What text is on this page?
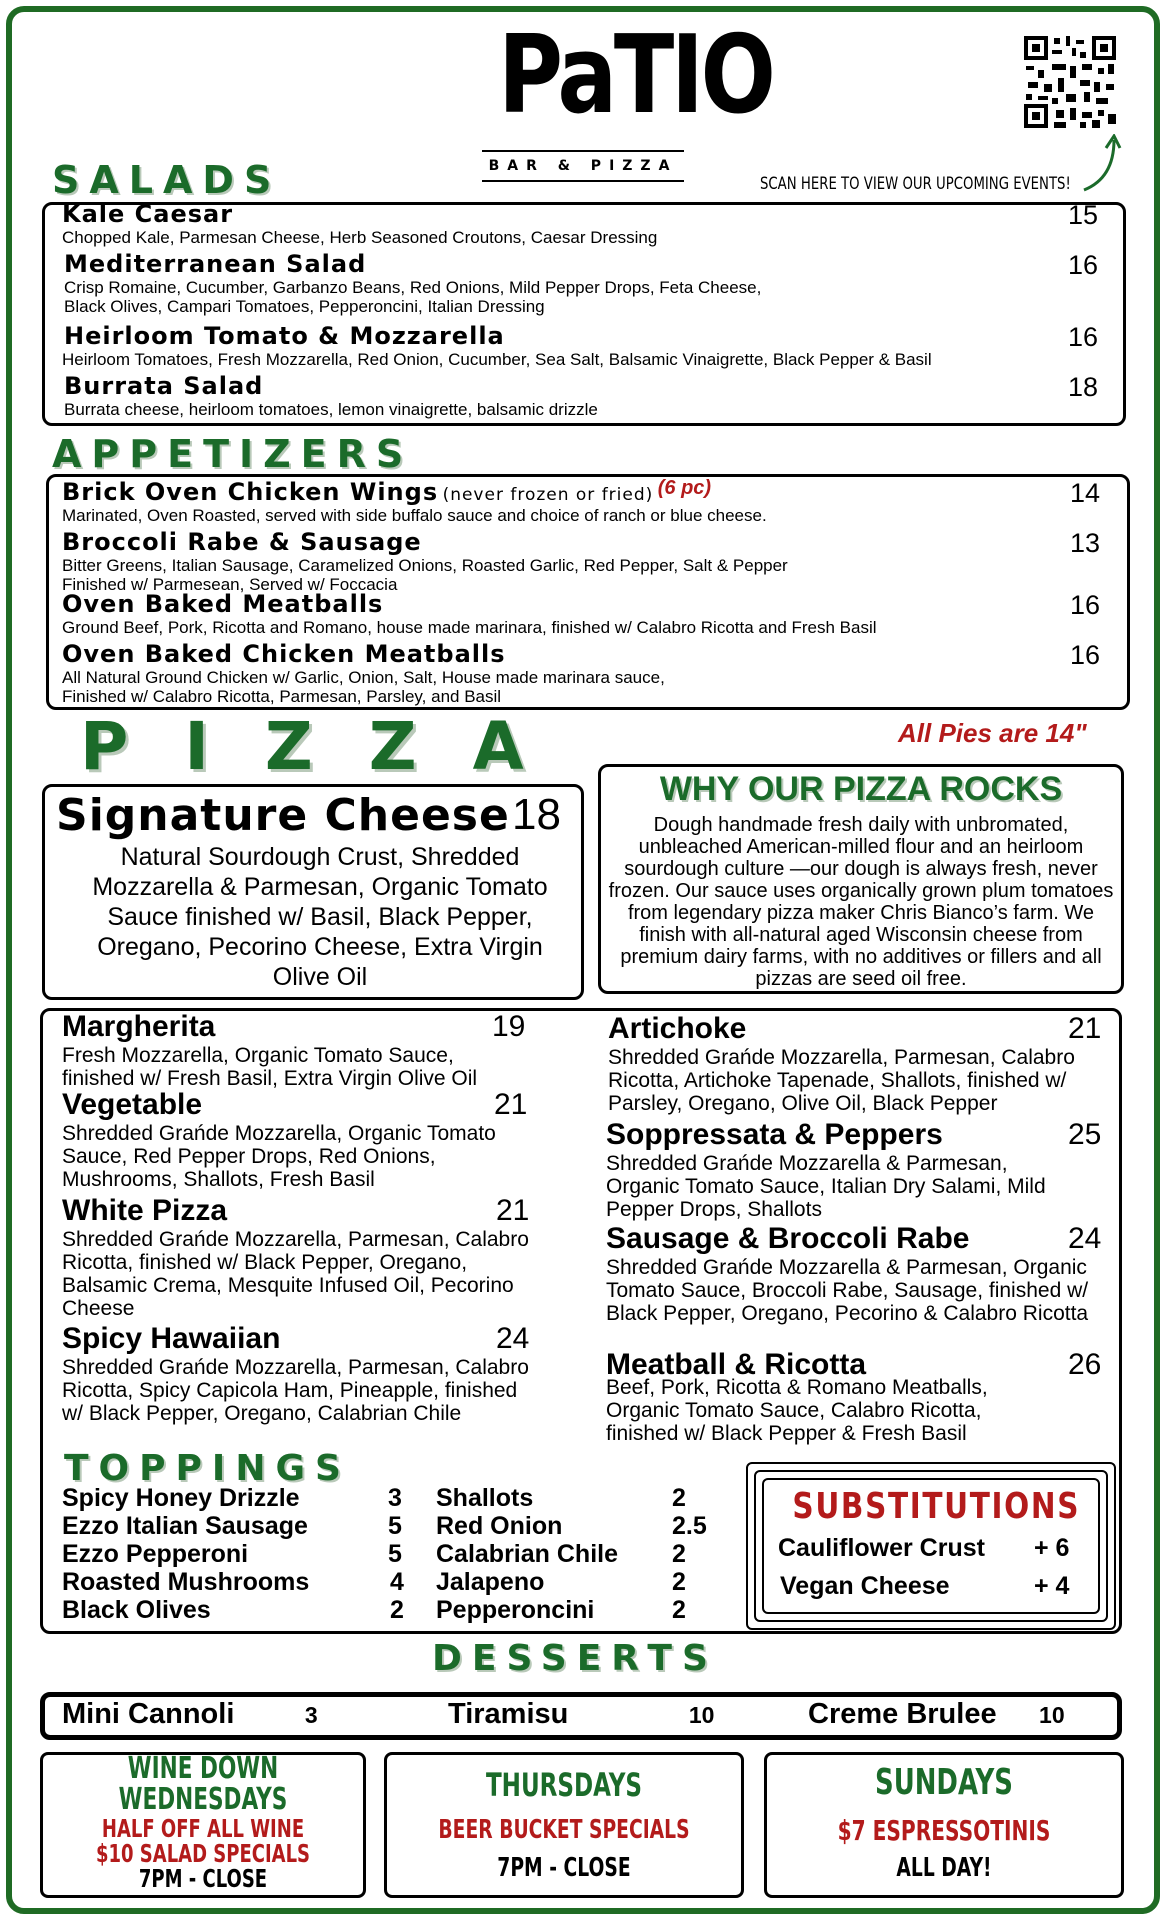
PaTIO
BAR & PIZZA
SCAN HERE TO VIEW OUR UPCOMING EVENTS!
SALADS
Kale Caesar	15
Chopped Kale, Parmesan Cheese, Herb Seasoned Croutons, Caesar Dressing
Mediterranean Salad	16
Crisp Romaine, Cucumber, Garbanzo Beans, Red Onions, Mild Pepper Drops, Feta Cheese,
Black Olives, Campari Tomatoes, Pepperoncini, Italian Dressing
Heirloom Tomato & Mozzarella	16
Heirloom Tomatoes, Fresh Mozzarella, Red Onion, Cucumber, Sea Salt, Balsamic Vinaigrette, Black Pepper & Basil
Burrata Salad	18
Burrata cheese, heirloom tomatoes, lemon vinaigrette, balsamic drizzle
APPETIZERS
Brick Oven Chicken Wings (never frozen or fried) (6 pc)	14
Marinated, Oven Roasted, served with side buffalo sauce and choice of ranch or blue cheese.
Broccoli Rabe & Sausage	13
Bitter Greens, Italian Sausage, Caramelized Onions, Roasted Garlic, Red Pepper, Salt & Pepper
Finished w/ Parmesean, Served w/ Foccacia
Oven Baked Meatballs	16
Ground Beef, Pork, Ricotta and Romano, house made marinara, finished w/ Calabro Ricotta and Fresh Basil
Oven Baked Chicken Meatballs	16
All Natural Ground Chicken w/ Garlic, Onion, Salt, House made marinara sauce,
Finished w/ Calabro Ricotta, Parmesan, Parsley, and Basil
PIZZA	All Pies are 14"
Signature Cheese 18
Natural Sourdough Crust, Shredded Mozzarella & Parmesan, Organic Tomato Sauce finished w/ Basil, Black Pepper, Oregano, Pecorino Cheese, Extra Virgin Olive Oil
WHY OUR PIZZA ROCKS
Dough handmade fresh daily with unbromated, unbleached American-milled flour and an heirloom sourdough culture —our dough is always fresh, never frozen. Our sauce uses organically grown plum tomatoes from legendary pizza maker Chris Bianco’s farm. We finish with all-natural aged Wisconsin cheese from premium dairy farms, with no additives or fillers and all pizzas are seed oil free.
Margherita	19
Fresh Mozzarella, Organic Tomato Sauce, finished w/ Fresh Basil, Extra Virgin Olive Oil
Vegetable	21
Shredded Grańde Mozzarella, Organic Tomato Sauce, Red Pepper Drops, Red Onions, Mushrooms, Shallots, Fresh Basil
White Pizza	21
Shredded Grańde Mozzarella, Parmesan, Calabro Ricotta, finished w/ Black Pepper, Oregano, Balsamic Crema, Mesquite Infused Oil, Pecorino Cheese
Spicy Hawaiian	24
Shredded Grańde Mozzarella, Parmesan, Calabro Ricotta, Spicy Capicola Ham, Pineapple, finished w/ Black Pepper, Oregano, Calabrian Chile
Artichoke	21
Shredded Grańde Mozzarella, Parmesan, Calabro Ricotta, Artichoke Tapenade, Shallots, finished w/ Parsley, Oregano, Olive Oil, Black Pepper
Soppressata & Peppers	25
Shredded Grańde Mozzarella & Parmesan, Organic Tomato Sauce, Italian Dry Salami, Mild Pepper Drops, Shallots
Sausage & Broccoli Rabe	24
Shredded Grańde Mozzarella & Parmesan, Organic Tomato Sauce, Broccoli Rabe, Sausage, finished w/ Black Pepper, Oregano, Pecorino & Calabro Ricotta
Meatball & Ricotta	26
Beef, Pork, Ricotta & Romano Meatballs, Organic Tomato Sauce, Calabro Ricotta, finished w/ Black Pepper & Fresh Basil
TOPPINGS
Spicy Honey Drizzle	3
Ezzo Italian Sausage	5
Ezzo Pepperoni	5
Roasted Mushrooms	4
Black Olives	2
Shallots	2
Red Onion	2.5
Calabrian Chile 2
Jalapeno	2
Pepperoncini	2
SUBSTITUTIONS
Cauliflower Crust + 6
Vegan Cheese	+ 4
DESSERTS
Mini Cannoli	3	Tiramisu	10	Creme Brulee 10
WINE DOWN
WEDNESDAYS
HALF OFF ALL WINE
$10 SALAD SPECIALS
7PM - CLOSE
THURSDAYS
BEER BUCKET SPECIALS
7PM - CLOSE
SUNDAYS
$7 ESPRESSOTINIS
ALL DAY!
